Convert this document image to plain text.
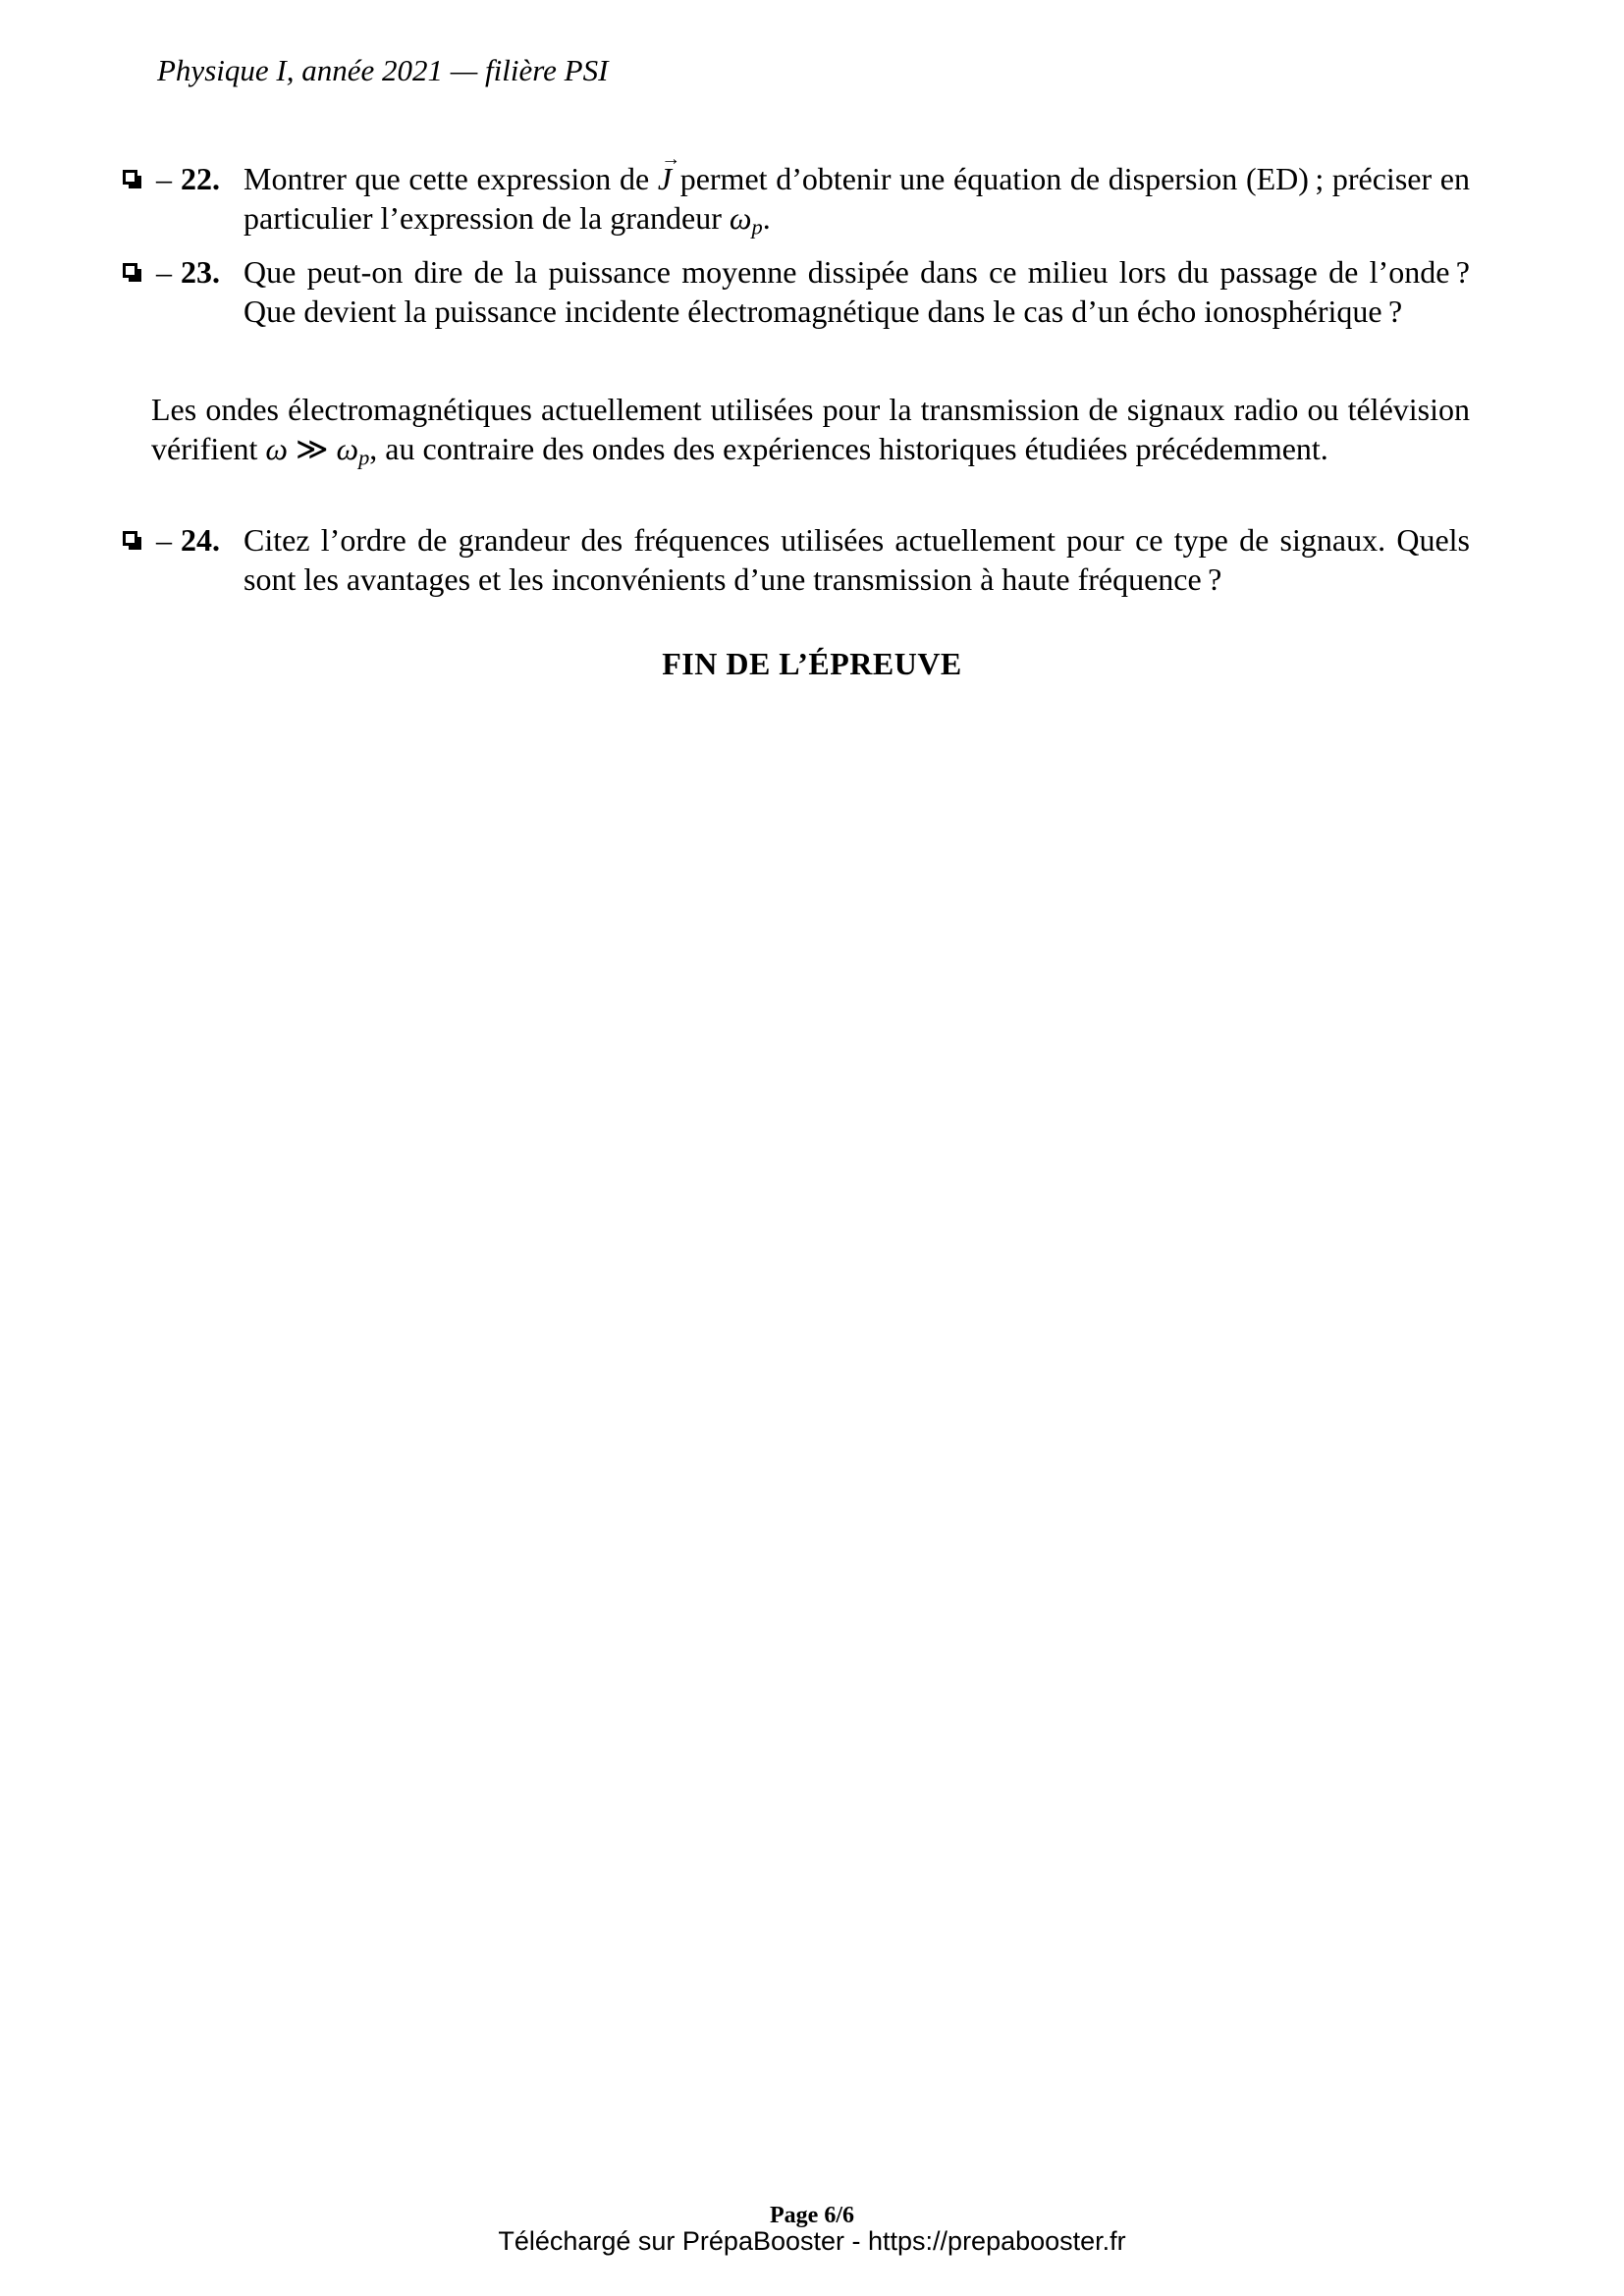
Physique I, année 2021 — filière PSI
– 22. Montrer que cette expression de
→
J permet d’obtenir une équation de dispersion (ED) ; préciser en particulier l’expression de la grandeur $\omega_p$.
– 23. Que peut-on dire de la puissance moyenne dissipée dans ce milieu lors du passage de l’onde ? Que devient la puissance incidente électromagnétique dans le cas d’un écho ionosphérique ?
Les ondes électromagnétiques actuellement utilisées pour la transmission de signaux radio ou télévision vérifient ω ≫ $\omega_p$, au contraire des ondes des expériences historiques étudiées précédemment.
– 24. Citez l’ordre de grandeur des fréquences utilisées actuellement pour ce type de signaux. Quels sont les avantages et les inconvénients d’une transmission à haute fréquence ?
FIN DE L’ÉPREUVE
Page 6/6
Téléchargé sur PrépaBooster - https://prepabooster.fr
